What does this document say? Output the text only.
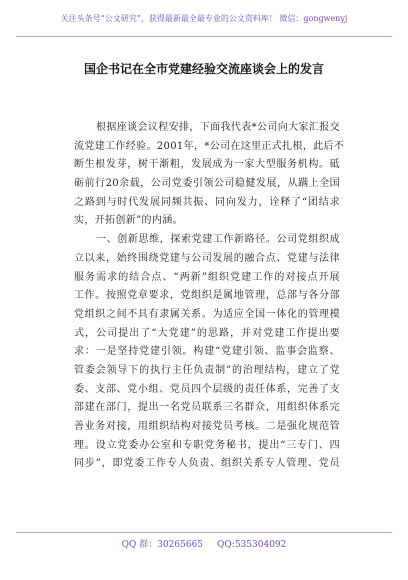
关注头条号“公文研究”，获得最新最全最专业的公文资料库！ 微信：gongwenyj
国企书记在全市党建经验交流座谈会上的发言
根据座谈会议程安排，下面我代表*公司向大家汇报交
流党建工作经验。2001年，*公司在这里正式扎根，此后不
断生根发芽，树干渐粗，发展成为一家大型服务机构。砥
砺前行20余载，公司党委引领公司稳健发展，从蹒上全国
之路到与时代发展同频共振、同向发力，诠释了“团结求
实，开拓创新”的内涵。
一、创新思维，探索党建工作新路径。公司党组织成
立以来，始终围绕党建与公司发展的融合点、党建与法律
服务需求的结合点、“两新”组织党建工作的对接点开展
工作。按照党章要求，党组织是属地管理，总部与各分部
党组织之间不具有隶属关系。为适应全国一体化的管理模
式，公司提出了“大党建”的思路，并对党建工作提出要
求：一是坚持党建引领。构建“党建引领、监事会监察、
管委会领导下的执行主任负责制”的治理结构，建立了党
委、支部、党小组、党员四个层级的责任体系，完善了支
部建在部门，提出一名党员联系三名群众，用组织体系完
善业务对接，用组织结构对接党员考核。二是强化规范管
理。设立党委办公室和专职党务秘书，提出“三专门、四
同步”，即党委工作专人负责、组织关系专人管理、党员
QQ 群：30265665 QQ:535304092
